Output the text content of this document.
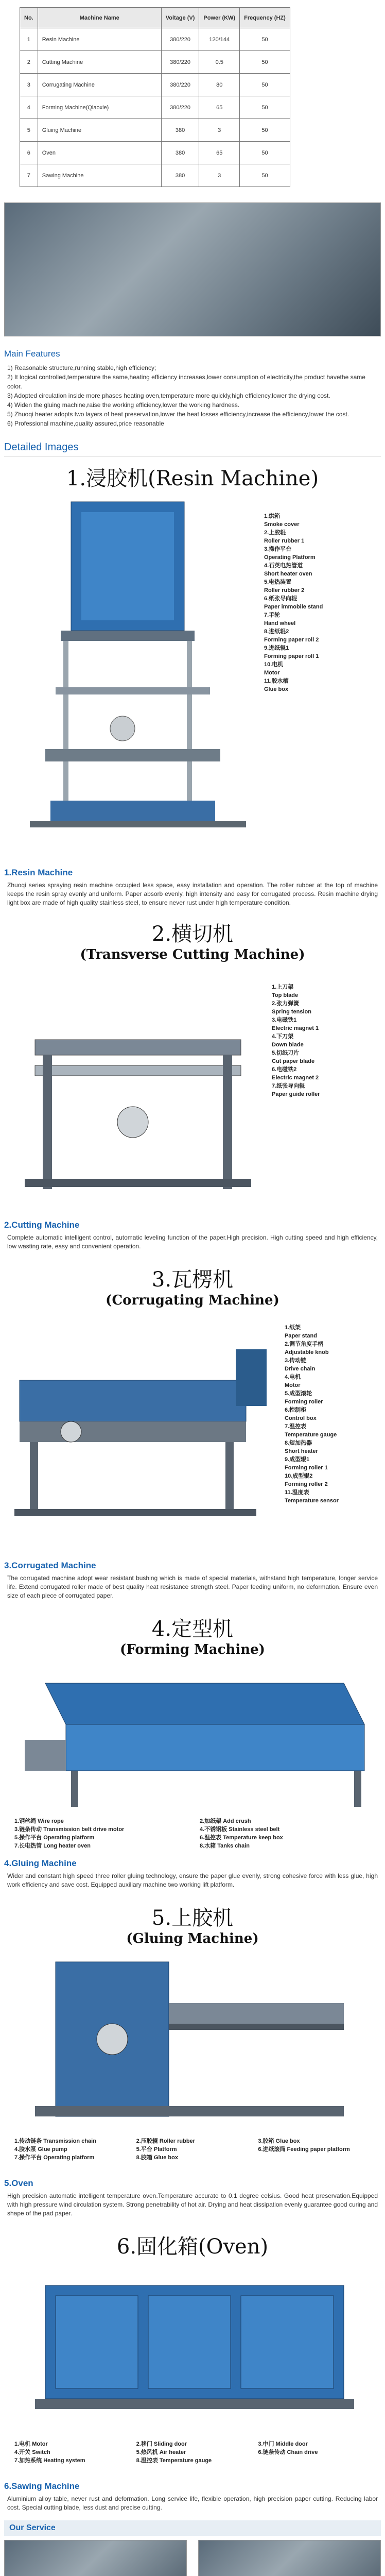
No.	Machine Name	Voltage (V)	Power (KW)	Frequency (HZ)
1	Resin Machine	380/220	120/144	50
2	Cutting Machine	380/220	0.5	50
3	Corrugating Machine	380/220	80	50
4	Forming Machine(Qiaoxie)	380/220	65	50
5	Gluing Machine	380	3	50
6	Oven	380	65	50
7	Sawing Machine	380	3	50
Main Features

1) Reasonable structure,running stable,high efficiency;

2) It logical controlled,temperature the same,heating efficiency increases,lower consumption of electricity,the product havethe same color.

3) Adopted circulation inside more phases heating oven,temperature more quickly,high efficiency,lower the drying cost.

4) Widen the gluing machine,raise the working efficiency,lower the working hardness.

5) Zhuoqi heater adopts two layers of heat preservation,lower the heat losses efficiency,increase the efficiency,lower the cost.

6) Professional machine,quality assured,price reasonable

Detailed Images
1.浸胶机(Resin Machine)
1.烘箱
Smoke cover
2.上胶辊
Roller rubber 1
3.操作平台
Operating Platform
4.石英电热管道
Short heater oven
5.电热装置
Roller rubber 2
6.纸张导向辊
Paper immobile stand
7.手轮
Hand wheel
8.进纸辊2
Forming paper roll 2
9.进纸辊1
Forming paper roll 1
10.电机
Motor
11.胶水槽
Glue box
1.Resin Machine

Zhuoqi series spraying resin machine occupied less space, easy installation and operation. The roller rubber at the top of machine keeps the resin spray evenly and uniform. Paper absorb evenly, high intensity and easy for corrugated process. Resin machine drying light box are made of high quality stainless steel, to ensure never rust under high temperature condition.

2.横切机
(Transverse Cutting Machine)
1.上刀架
Top blade
2.张力弹簧
Spring tension
3.电磁铁1
Electric magnet 1
4.下刀架
Down blade
5.切纸刀片
Cut paper blade
6.电磁铁2
Electric magnet 2
7.纸张导向辊
Paper guide roller
2.Cutting Machine

Complete automatic intelligent control, automatic leveling function of the paper.High precision. High cutting speed and high efficiency, low wasting rate, easy and convenient operation.

3.瓦楞机
(Corrugating Machine)
1.纸架
Paper stand
2.调节角度手柄
Adjustable knob
3.传动链
Drive chain
4.电机
Motor
5.成型滚轮
Forming roller
6.控制柜
Control box
7.温控表
Temperature gauge
8.短加热器
Short heater
9.成型辊1
Forming roller 1
10.成型辊2
Forming roller 2
11.温度表
Temperature sensor
3.Corrugated Machine

The corrugated machine adopt wear resistant bushing which is made of special materials, withstand high temperature, longer service life. Extend corrugated roller made of best quality heat resistance strength steel. Paper feeding uniform, no deformation. Ensure even size of each piece of corrugated paper.

4.定型机
(Forming Machine)
1.钢丝绳 Wire rope	2.加纸架 Add crush
3.链条传动 Transmission belt drive motor	4.不锈钢板 Stainless steel belt
5.操作平台 Operating platform	6.温控表 Temperature keep box
7.长电热管 Long heater oven	8.水箱 Tanks chain
4.Gluing Machine

Wider and constant high speed three roller gluing technology, ensure the paper glue evenly, strong cohesive force with less glue, high work efficiency and save cost. Equipped auxiliary machine two working lift platform.

5.上胶机
(Gluing Machine)
1.传动链条 Transmission chain	2.压胶辊 Roller rubber	3.胶箱 Glue box
4.胶水泵 Glue pump	5.平台 Platform	6.进纸滚筒 Feeding paper platform
7.操作平台 Operating platform	8.胶箱 Glue box
5.Oven

High precision automatic intelligent temperature oven.Temperature accurate to 0.1 degree celsius. Good heat preservation.Equipped with high pressure wind circulation system. Strong penetrability of hot air. Drying and heat dissipation evenly guarantee good curing and shape of the pad paper.

6.固化箱(Oven)
1.电机 Motor	2.移门 Sliding door	3.中门 Middle door
4.开关 Switch	5.热风机 Air heater	6.链条传动 Chain drive
7.加热系统 Heating system	8.温控表 Temperature gauge
6.Sawing Machine

Aluminium alloy table, never rust and deformation. Long service life, flexible operation, high precision paper cutting. Reducing labor cost. Special cutting blade, less dust and precise cutting.

Our Service
